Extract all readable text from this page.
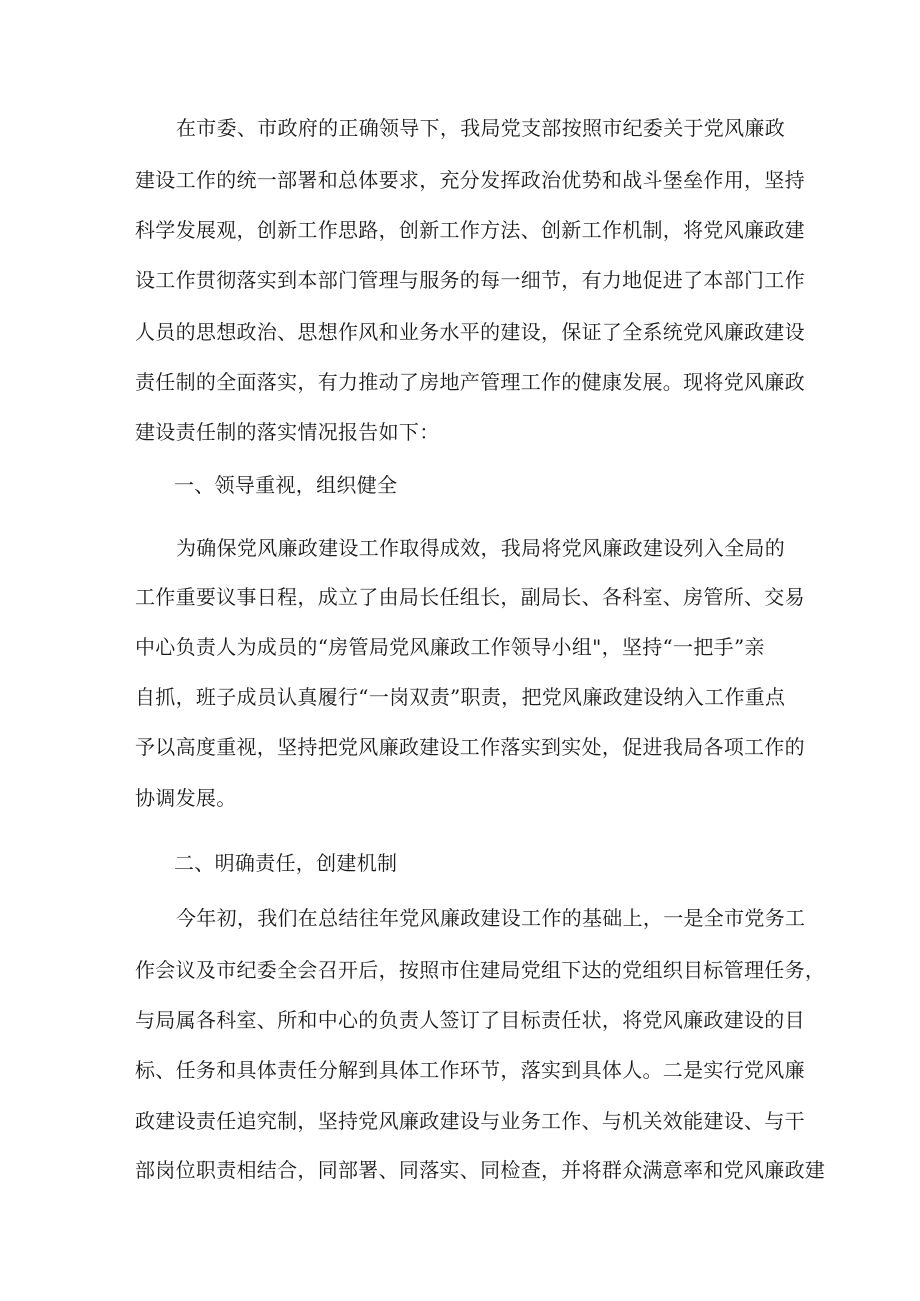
在市委、市政府的正确领导下，我局党支部按照市纪委关于党风廉政

建设工作的统一部署和总体要求，充分发挥政治优势和战斗堡垒作用，坚持

科学发展观，创新工作思路，创新工作方法、创新工作机制，将党风廉政建

设工作贯彻落实到本部门管理与服务的每一细节，有力地促进了本部门工作

人员的思想政治、思想作风和业务水平的建设，保证了全系统党风廉政建设

责任制的全面落实，有力推动了房地产管理工作的健康发展。现将党风廉政

建设责任制的落实情况报告如下：

一、领导重视，组织健全

为确保党风廉政建设工作取得成效，我局将党风廉政建设列入全局的

工作重要议事日程，成立了由局长任组长，副局长、各科室、房管所、交易

中心负责人为成员的“房管局党风廉政工作领导小组"，坚持“一把手”亲

自抓，班子成员认真履行“一岗双责”职责，把党风廉政建设纳入工作重点

予以高度重视，坚持把党风廉政建设工作落实到实处，促进我局各项工作的

协调发展。

二、明确责任，创建机制

今年初，我们在总结往年党风廉政建设工作的基础上，一是全市党务工

作会议及市纪委全会召开后，按照市住建局党组下达的党组织目标管理任务，

与局属各科室、所和中心的负责人签订了目标责任状，将党风廉政建设的目

标、任务和具体责任分解到具体工作环节，落实到具体人。二是实行党风廉

政建设责任追究制，坚持党风廉政建设与业务工作、与机关效能建设、与干

部岗位职责相结合，同部署、同落实、同检查，并将群众满意率和党风廉政建
